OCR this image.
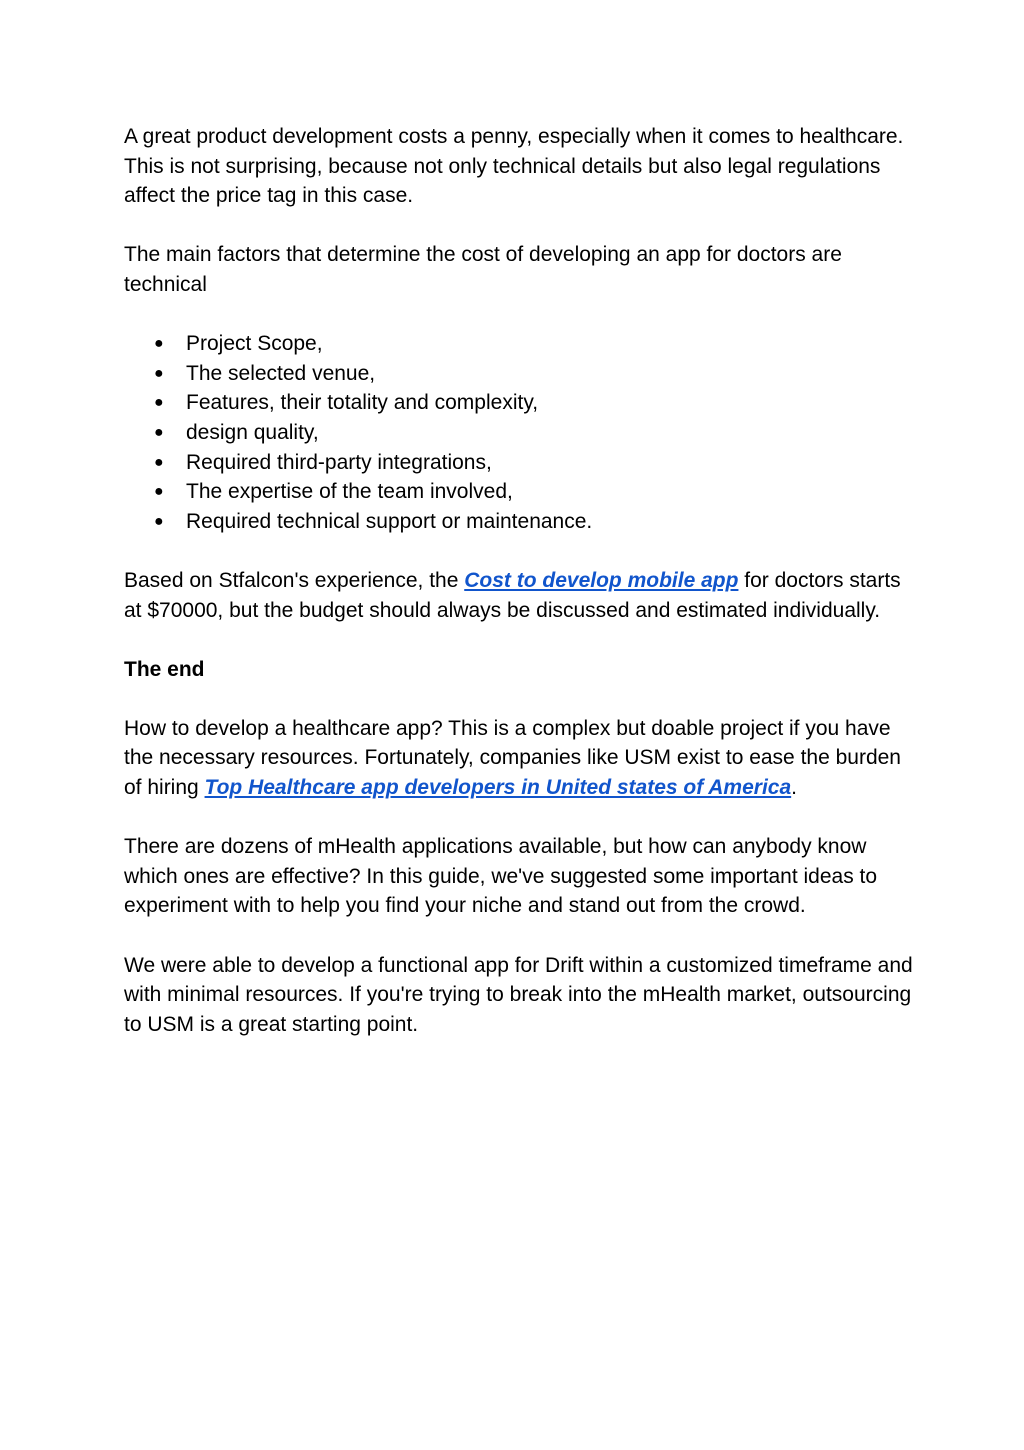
A great product development costs a penny, especially when it comes to healthcare. This is not surprising, because not only technical details but also legal regulations affect the price tag in this case.

The main factors that determine the cost of developing an app for doctors are technical

● Project Scope,
● The selected venue,
● Features, their totality and complexity,
● design quality,
● Required third-party integrations,
● The expertise of the team involved,
● Required technical support or maintenance.

Based on Stfalcon's experience, the Cost to develop mobile app for doctors starts at $70000, but the budget should always be discussed and estimated individually.

The end

How to develop a healthcare app? This is a complex but doable project if you have the necessary resources. Fortunately, companies like USM exist to ease the burden of hiring Top Healthcare app developers in United states of America.

There are dozens of mHealth applications available, but how can anybody know which ones are effective? In this guide, we've suggested some important ideas to experiment with to help you find your niche and stand out from the crowd.

We were able to develop a functional app for Drift within a customized timeframe and with minimal resources. If you're trying to break into the mHealth market, outsourcing to USM is a great starting point.
